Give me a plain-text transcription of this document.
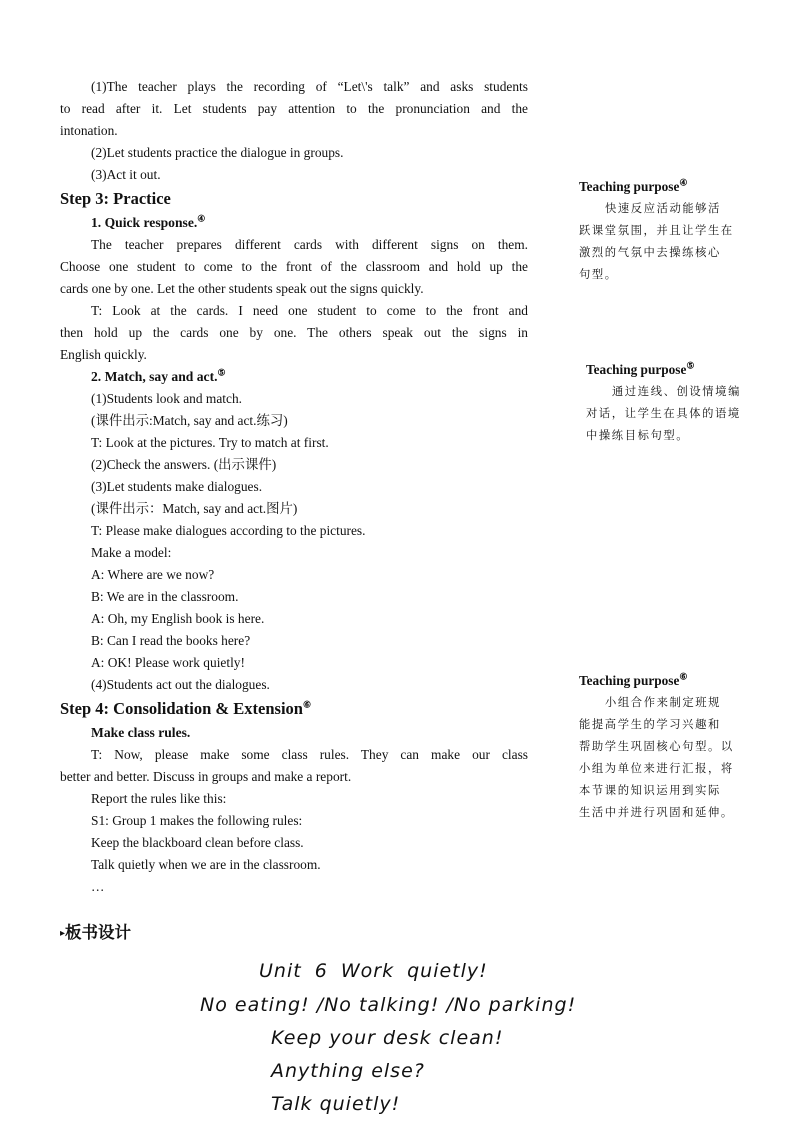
(1)The teacher plays the recording of “Let\'s talk” and asks students
to read after it. Let students pay attention to the pronunciation and the
intonation.
(2)Let students practice the dialogue in groups.
(3)Act it out.
Step 3: Practice
1. Quick response.④
The teacher prepares different cards with different signs on them.
Choose one student to come to the front of the classroom and hold up the
cards one by one. Let the other students speak out the signs quickly.
T: Look at the cards. I need one student to come to the front and
then hold up the cards one by one. The others speak out the signs in
English quickly.
2. Match, say and act.⑤
(1)Students look and match.
(课件出示:Match, say and act.练习)
T: Look at the pictures. Try to match at first.
(2)Check the answers. (出示课件)
(3)Let students make dialogues.
(课件出示：Match, say and act.图片)
T: Please make dialogues according to the pictures.
Make a model:
A: Where are we now?
B: We are in the classroom.
A: Oh, my English book is here.
B: Can I read the books here?
A: OK! Please work quietly!
(4)Students act out the dialogues.
Step 4: Consolidation & Extension⑥
Make class rules.
T: Now, please make some class rules. They can make our class
better and better. Discuss in groups and make a report.
Report the rules like this:
S1: Group 1 makes the following rules:
Keep the blackboard clean before class.
Talk quietly when we are in the classroom.
…
Teaching purpose④
快速反应活动能够活
跃课堂氛围，并且让学生在
激烈的气氛中去操练核心
句型。
Teaching purpose⑤
通过连线、创设情境编
对话，让学生在具体的语境
中操练目标句型。
Teaching purpose⑥
小组合作来制定班规
能提高学生的学习兴趣和
帮助学生巩固核心句型。以
小组为单位来进行汇报，将
本节课的知识运用到实际
生活中并进行巩固和延伸。
▸板书设计
Unit 6 Work quietly!
No eating! /No talking! /No parking!
Keep your desk clean!
Anything else?
Talk quietly!
